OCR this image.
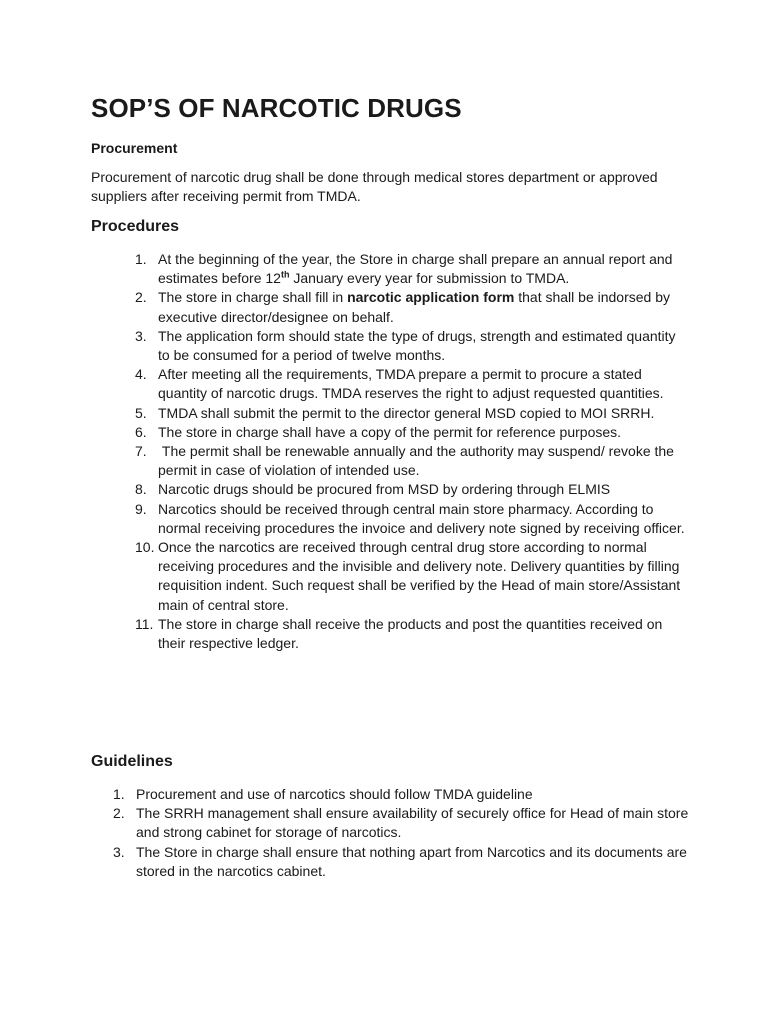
SOP’S OF NARCOTIC DRUGS
Procurement

Procurement of narcotic drug shall be done through medical stores department or approved suppliers after receiving permit from TMDA.

Procedures
1. At the beginning of the year, the Store in charge shall prepare an annual report and estimates before 12th January every year for submission to TMDA.
2. The store in charge shall fill in narcotic application form that shall be indorsed by executive director/designee on behalf.
3. The application form should state the type of drugs, strength and estimated quantity to be consumed for a period of twelve months.
4. After meeting all the requirements, TMDA prepare a permit to procure a stated quantity of narcotic drugs. TMDA reserves the right to adjust requested quantities.
5. TMDA shall submit the permit to the director general MSD copied to MOI SRRH.
6. The store in charge shall have a copy of the permit for reference purposes.
7. The permit shall be renewable annually and the authority may suspend/ revoke the permit in case of violation of intended use.
8. Narcotic drugs should be procured from MSD by ordering through ELMIS
9. Narcotics should be received through central main store pharmacy. According to normal receiving procedures the invoice and delivery note signed by receiving officer.
10. Once the narcotics are received through central drug store according to normal receiving procedures and the invisible and delivery note. Delivery quantities by filling requisition indent. Such request shall be verified by the Head of main store/Assistant main of central store.
11. The store in charge shall receive the products and post the quantities received on their respective ledger.
Guidelines
1. Procurement and use of narcotics should follow TMDA guideline
2. The SRRH management shall ensure availability of securely office for Head of main store and strong cabinet for storage of narcotics.
3. The Store in charge shall ensure that nothing apart from Narcotics and its documents are stored in the narcotics cabinet.
